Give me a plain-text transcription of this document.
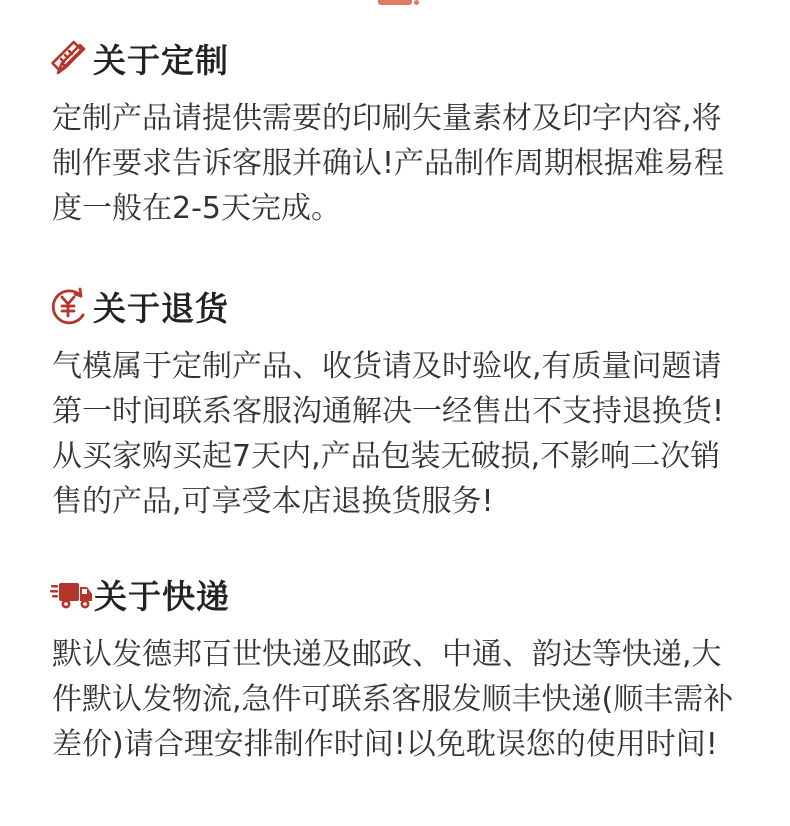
关于定制
定制产品请提供需要的印刷矢量素材及印字内容,将
制作要求告诉客服并确认!产品制作周期根据难易程
度一般在2-5天完成。
关于退货
气模属于定制产品、收货请及时验收,有质量问题请
第一时间联系客服沟通解决一经售出不支持退换货!
从买家购买起7天内,产品包装无破损,不影响二次销
售的产品,可享受本店退换货服务!
关于快递
默认发德邦百世快递及邮政、中通、韵达等快递,大
件默认发物流,急件可联系客服发顺丰快递(顺丰需补
差价)请合理安排制作时间!以免耽误您的使用时间!
